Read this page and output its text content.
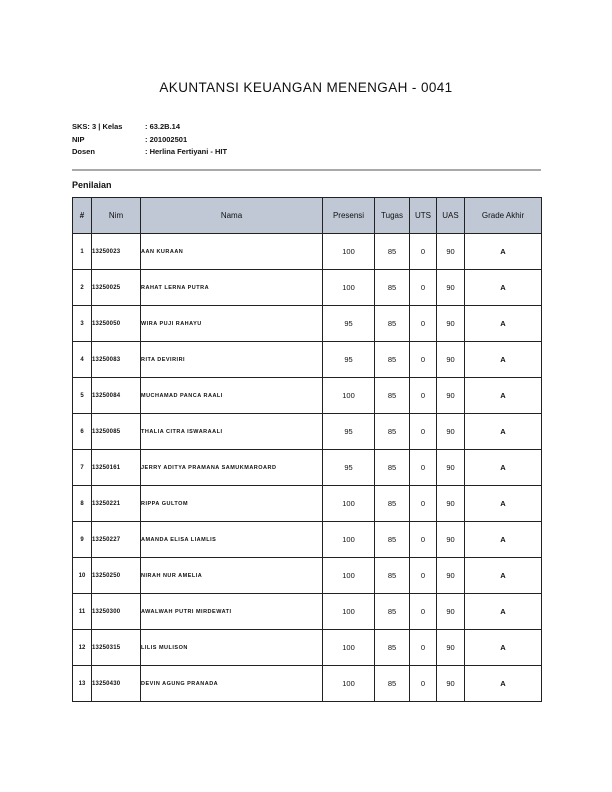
AKUNTANSI KEUANGAN MENENGAH - 0041
SKS: 3 | Kelas	: 63.2B.14
NIP	: 201002501
Dosen	: Herlina Fertiyani - HIT
Penilaian
#	Nim	Nama	Presensi	Tugas	UTS	UAS	Grade Akhir
1	13250023	AAN KURAAN	100	85	0	90	A
2	13250025	RAHAT LERNA PUTRA	100	85	0	90	A
3	13250050	WIRA PUJI RAHAYU	95	85	0	90	A
4	13250083	RITA DEVIRIRI	95	85	0	90	A
5	13250084	MUCHAMAD PANCA RAALI	100	85	0	90	A
6	13250085	THALIA CITRA ISWARAALI	95	85	0	90	A
7	13250161	JERRY ADITYA PRAMANA SAMUKMAROARD	95	85	0	90	A
8	13250221	RIPPA GULTOM	100	85	0	90	A
9	13250227	AMANDA ELISA LIAMLIS	100	85	0	90	A
10	13250250	NIRAH NUR AMELIA	100	85	0	90	A
11	13250300	AWALWAH PUTRI MIRDEWATI	100	85	0	90	A
12	13250315	LILIS MULISON	100	85	0	90	A
13	13250430	DEVIN AGUNG PRANADA	100	85	0	90	A
